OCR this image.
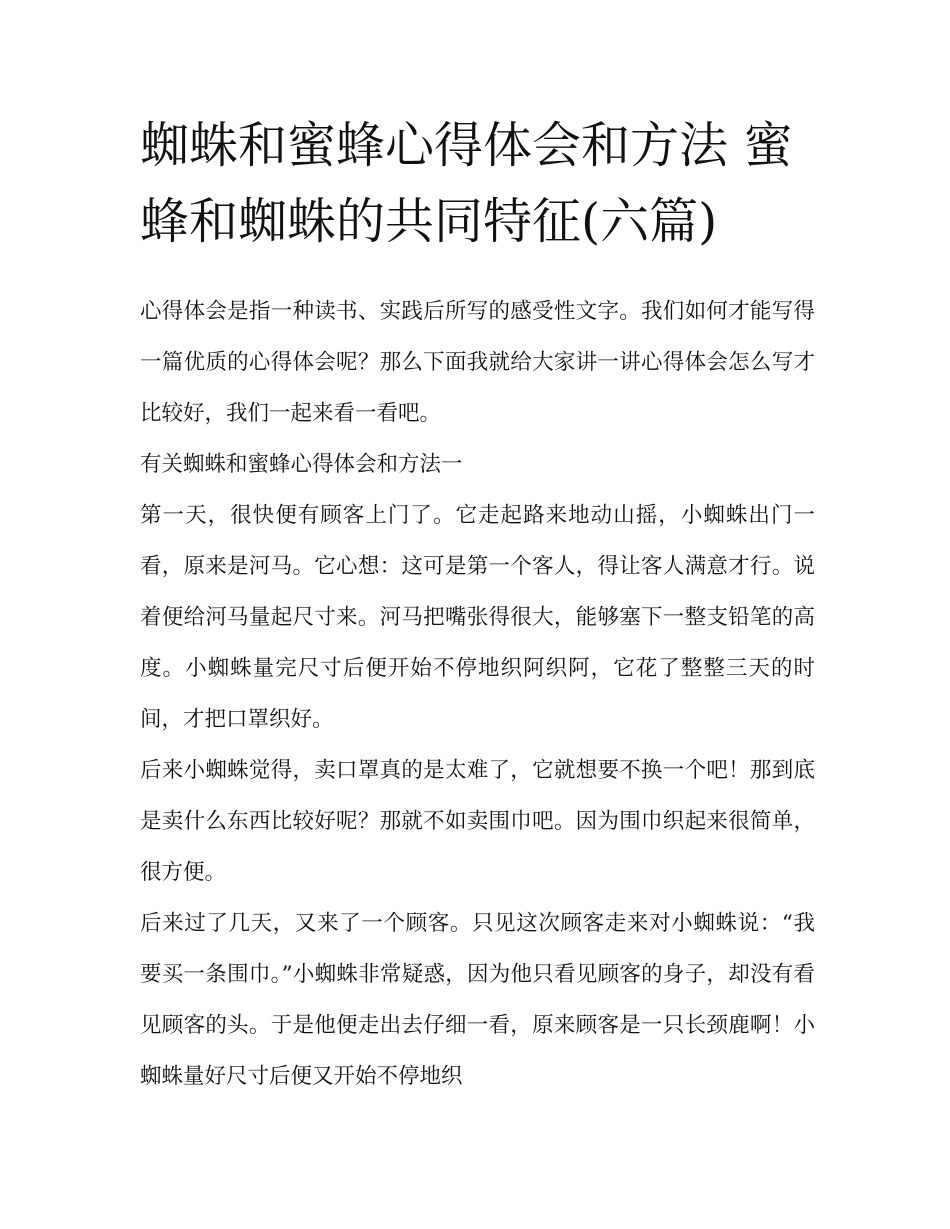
蜘蛛和蜜蜂心得体会和方法 蜜蜂和蜘蛛的共同特征(六篇)

心得体会是指一种读书、实践后所写的感受性文字。我们如何才能写得一篇优质的心得体会呢？那么下面我就给大家讲一讲心得体会怎么写才比较好，我们一起来看一看吧。

有关蜘蛛和蜜蜂心得体会和方法一

第一天，很快便有顾客上门了。它走起路来地动山摇，小蜘蛛出门一看，原来是河马。它心想：这可是第一个客人，得让客人满意才行。说着便给河马量起尺寸来。河马把嘴张得很大，能够塞下一整支铅笔的高度。小蜘蛛量完尺寸后便开始不停地织阿织阿，它花了整整三天的时间，才把口罩织好。

后来小蜘蛛觉得，卖口罩真的是太难了，它就想要不换一个吧！那到底是卖什么东西比较好呢？那就不如卖围巾吧。因为围巾织起来很简单，很方便。

后来过了几天，又来了一个顾客。只见这次顾客走来对小蜘蛛说：“我要买一条围巾。”小蜘蛛非常疑惑，因为他只看见顾客的身子，却没有看见顾客的头。于是他便走出去仔细一看，原来顾客是一只长颈鹿啊！小蜘蛛量好尺寸后便又开始不停地织
